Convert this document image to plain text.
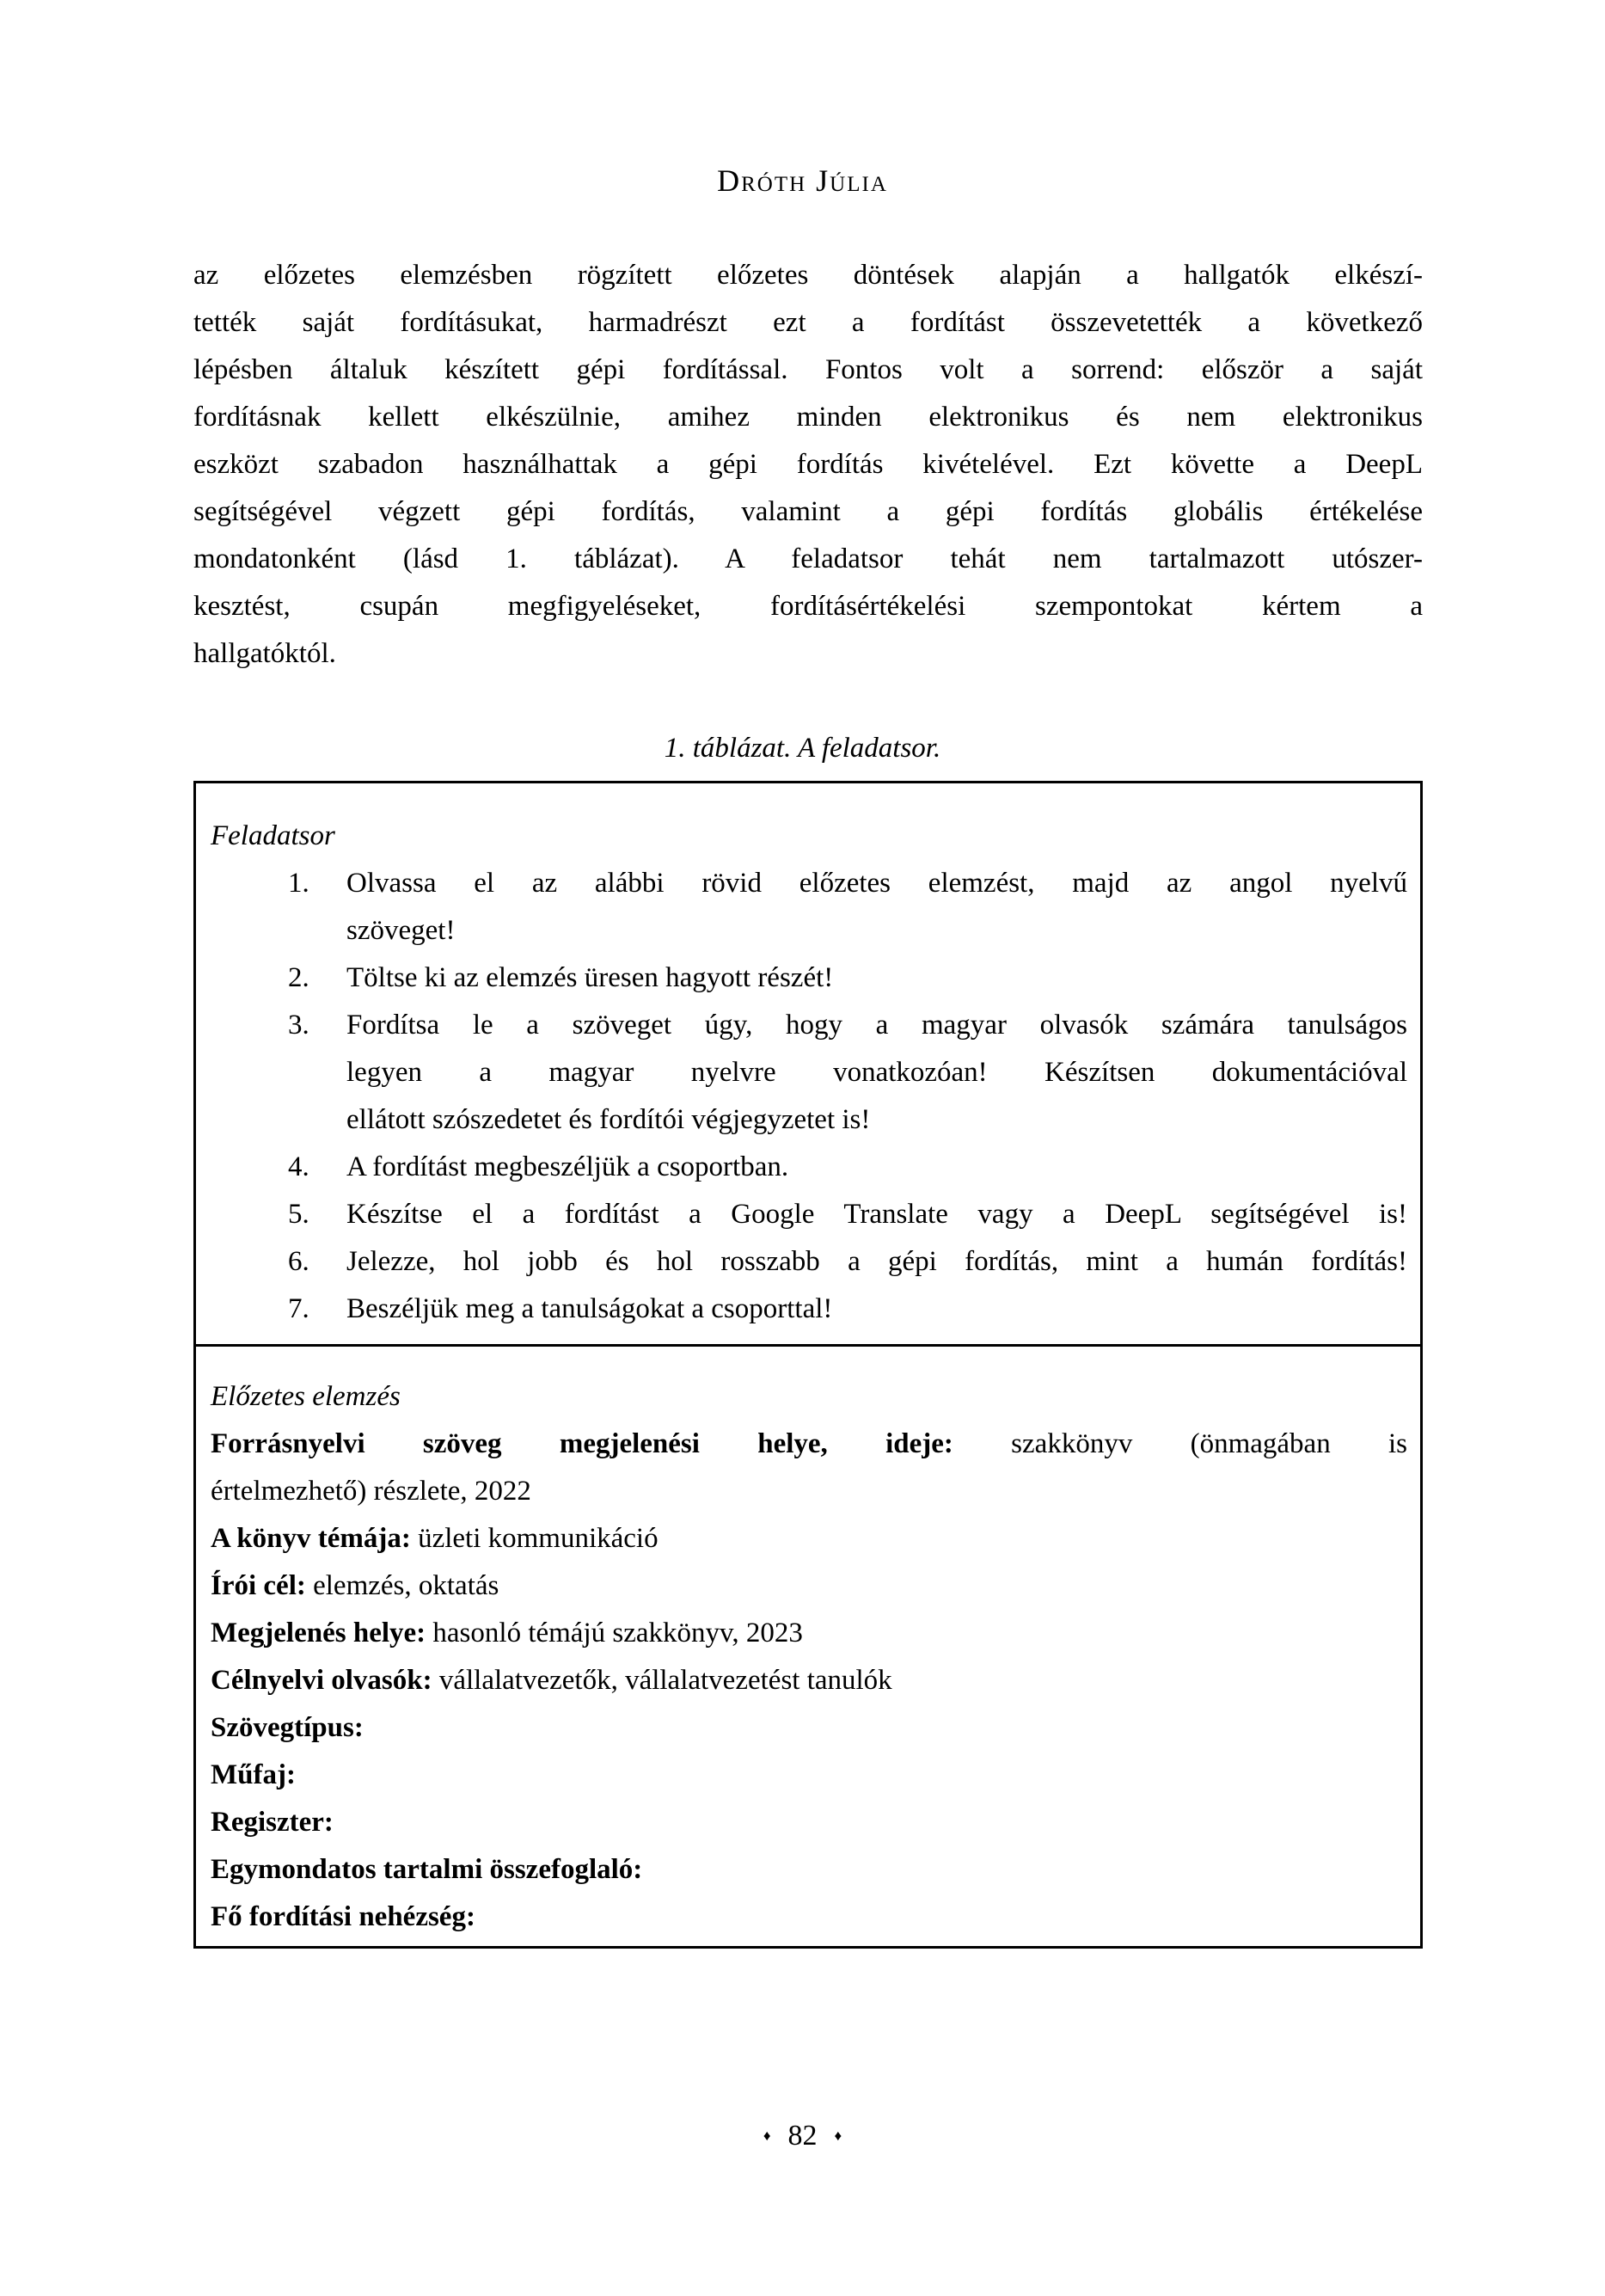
Dróth Júlia
az előzetes elemzésben rögzített előzetes döntések alapján a hallgatók elkészí-
tették saját fordításukat, harmadrészt ezt a fordítást összevetették a következő
lépésben általuk készített gépi fordítással. Fontos volt a sorrend: először a saját
fordításnak kellett elkészülnie, amihez minden elektronikus és nem elektronikus
eszközt szabadon használhattak a gépi fordítás kivételével. Ezt követte a DeepL
segítségével végzett gépi fordítás, valamint a gépi fordítás globális értékelése
mondatonként (lásd 1. táblázat). A feladatsor tehát nem tartalmazott utószer-
kesztést, csupán megfigyeléseket, fordításértékelési szempontokat kértem a
hallgatóktól.
1. táblázat. A feladatsor.
Feladatsor
1.	Olvassa el az alábbi rövid előzetes elemzést, majd az angol nyelvű
szöveget!
2.	Töltse ki az elemzés üresen hagyott részét!
3.	Fordítsa le a szöveget úgy, hogy a magyar olvasók számára tanulságos
legyen a magyar nyelvre vonatkozóan! Készítsen dokumentációval
ellátott szószedetet és fordítói végjegyzetet is!
4.	A fordítást megbeszéljük a csoportban.
5.	Készítse el a fordítást a Google Translate vagy a DeepL segítségével is!
6.	Jelezze, hol jobb és hol rosszabb a gépi fordítás, mint a humán fordítás!
7.	Beszéljük meg a tanulságokat a csoporttal!
Előzetes elemzés
Forrásnyelvi szöveg megjelenési helye, ideje: szakkönyv (önmagában is
értelmezhető) részlete, 2022
A könyv témája: üzleti kommunikáció
Írói cél: elemzés, oktatás
Megjelenés helye: hasonló témájú szakkönyv, 2023
Célnyelvi olvasók: vállalatvezetők, vállalatvezetést tanulók
Szövegtípus:
Műfaj:
Regiszter:
Egymondatos tartalmi összefoglaló:
Fő fordítási nehézség:
♦ 82 ♦
